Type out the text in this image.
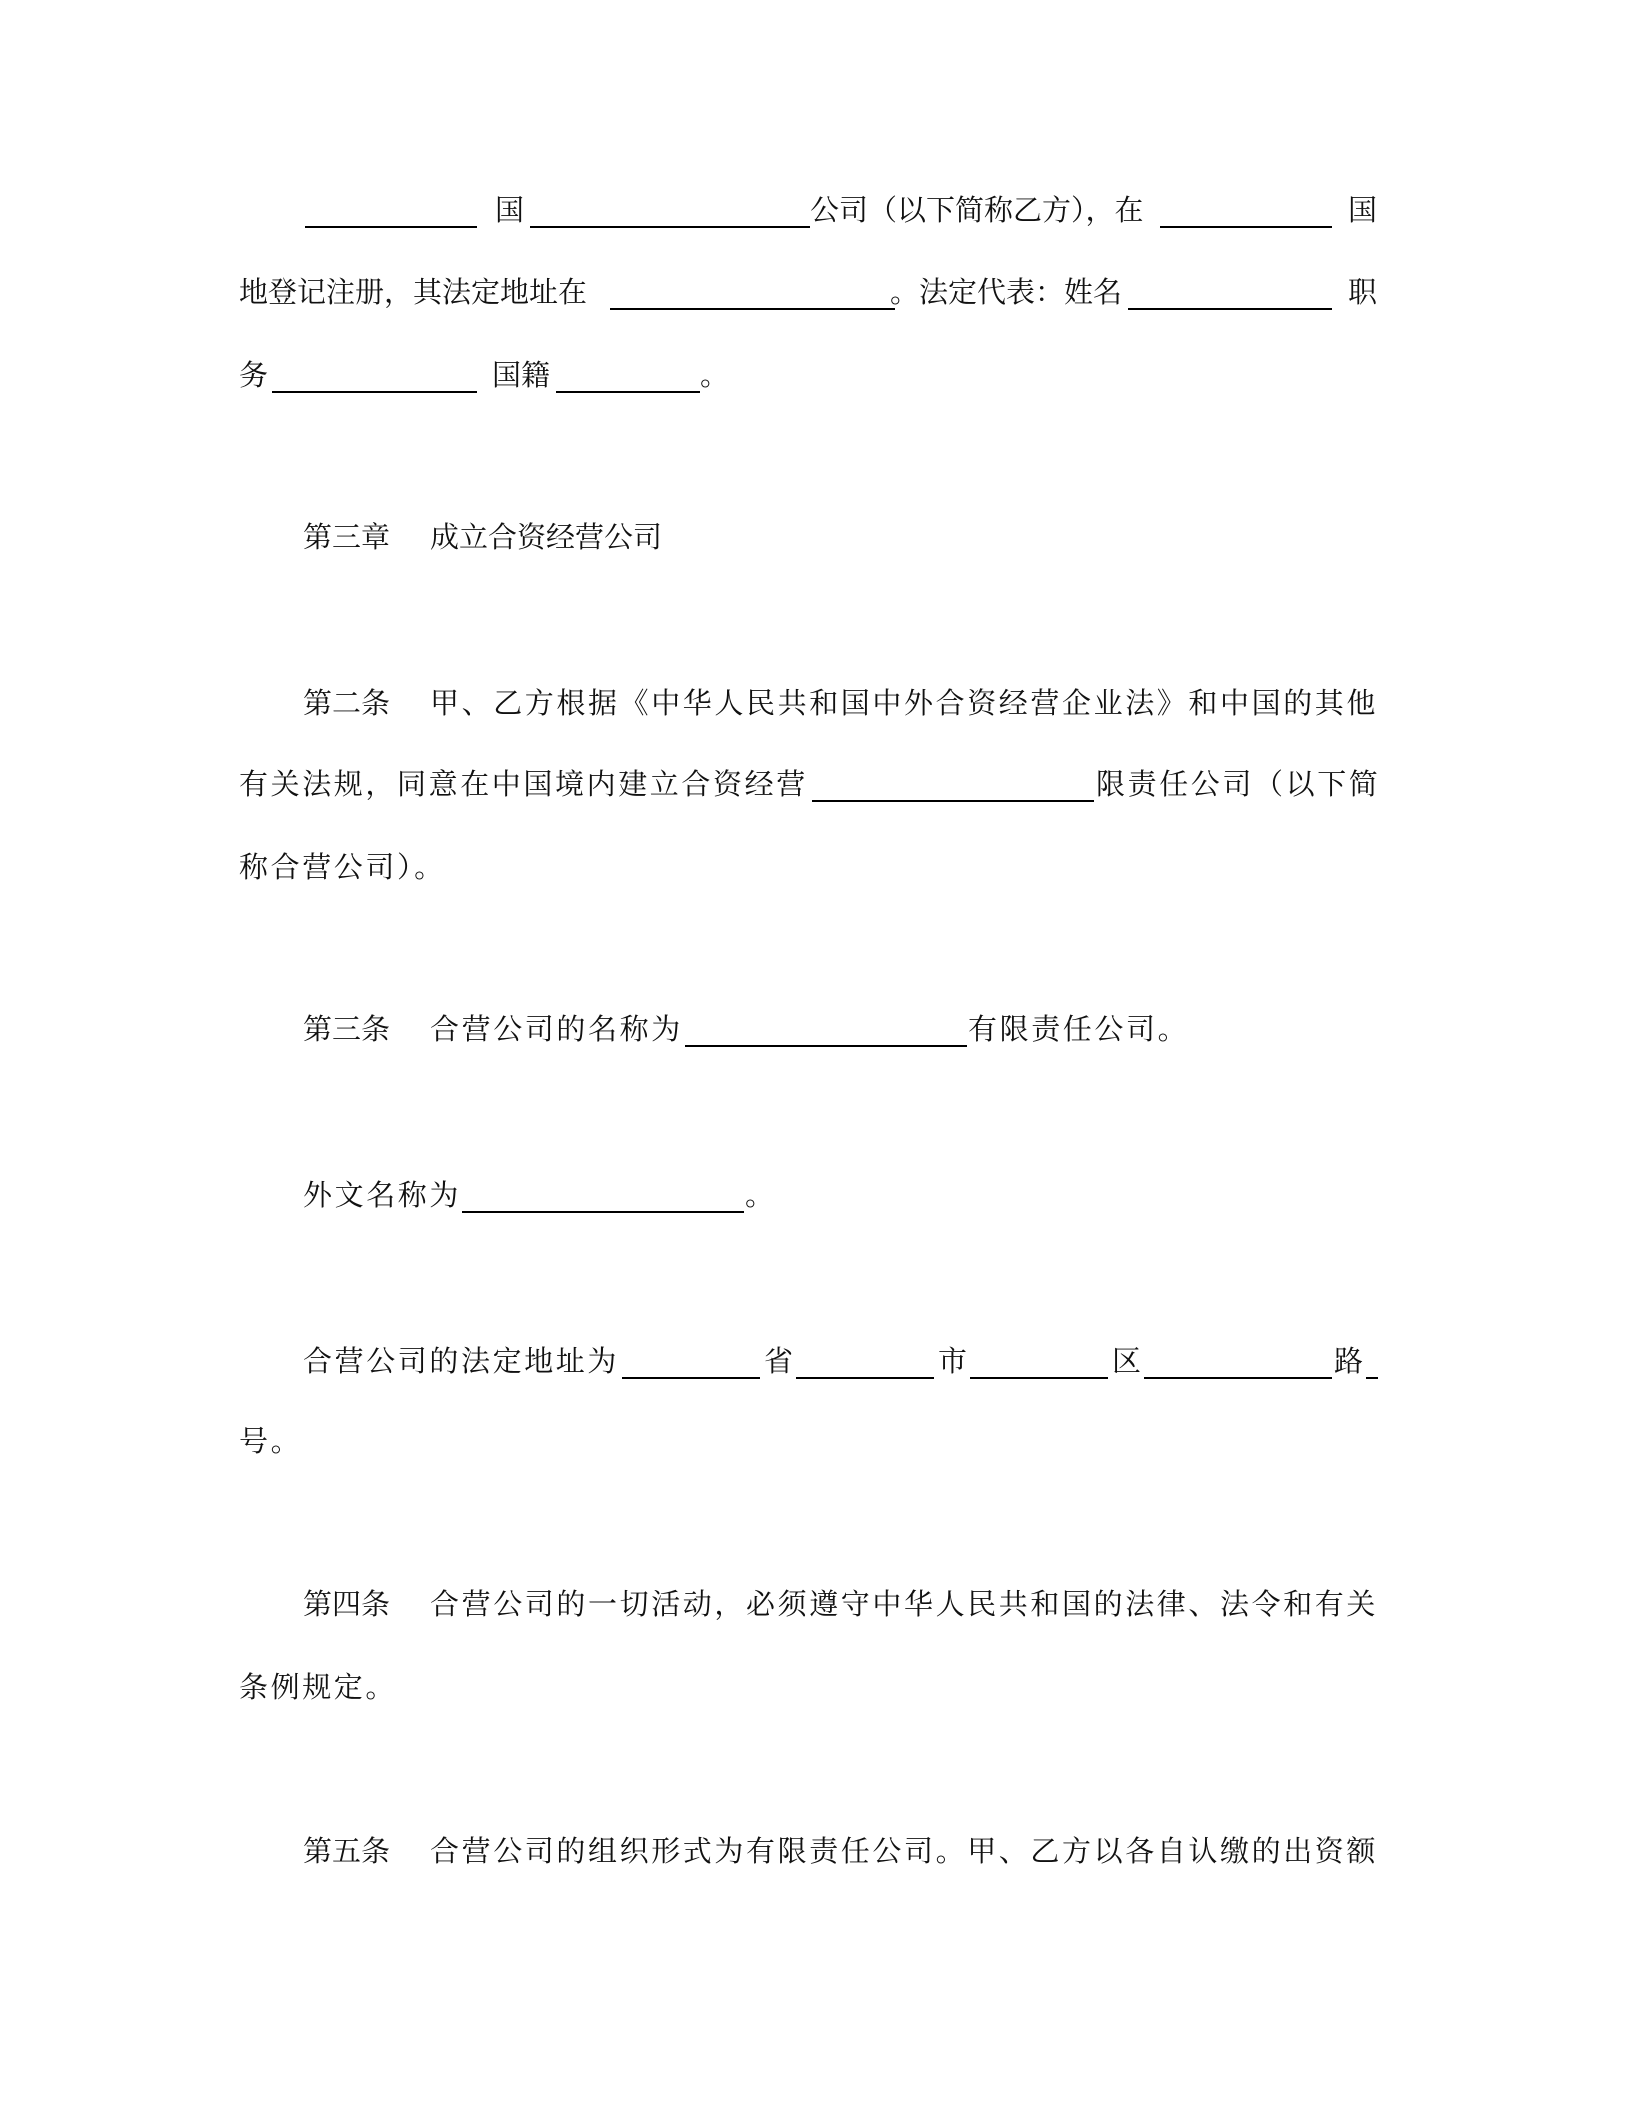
国	公司（以下简称乙方），在	国
地登记注册，其法定地址在	。法定代表：姓名	职
务	国籍	。
第三章 成立合资经营公司
第二条 甲、乙方根据《中华人民共和国中外合资经营企业法》和中国的其他
有关法规，同意在中国境内建立合资经营	限责任公司（以下简
称合营公司）。
第三条 合营公司的名称为	有限责任公司。
外文名称为	。
合营公司的法定地址为	省	市	区	路
号。
第四条 合营公司的一切活动，必须遵守中华人民共和国的法律、法令和有关
条例规定。
第五条 合营公司的组织形式为有限责任公司。甲、乙方以各自认缴的出资额
